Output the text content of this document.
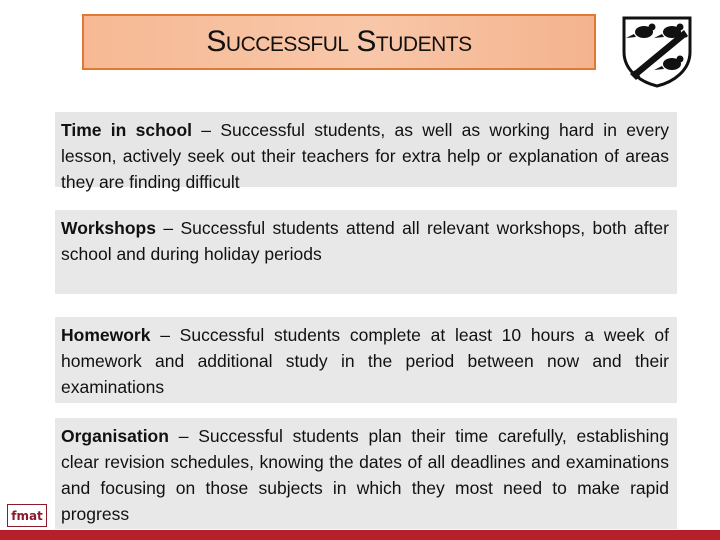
Successful Students
Time in school – Successful students, as well as working hard in every lesson, actively seek out their teachers for extra help or explanation of areas they are finding difficult
Workshops – Successful students attend all relevant workshops, both after school and during holiday periods
Homework – Successful students complete at least 10 hours a week of homework and additional study in the period between now and their examinations
Organisation – Successful students plan their time carefully, establishing clear revision schedules, knowing the dates of all deadlines and examinations and focusing on those subjects in which they most need to make rapid progress
fmat
